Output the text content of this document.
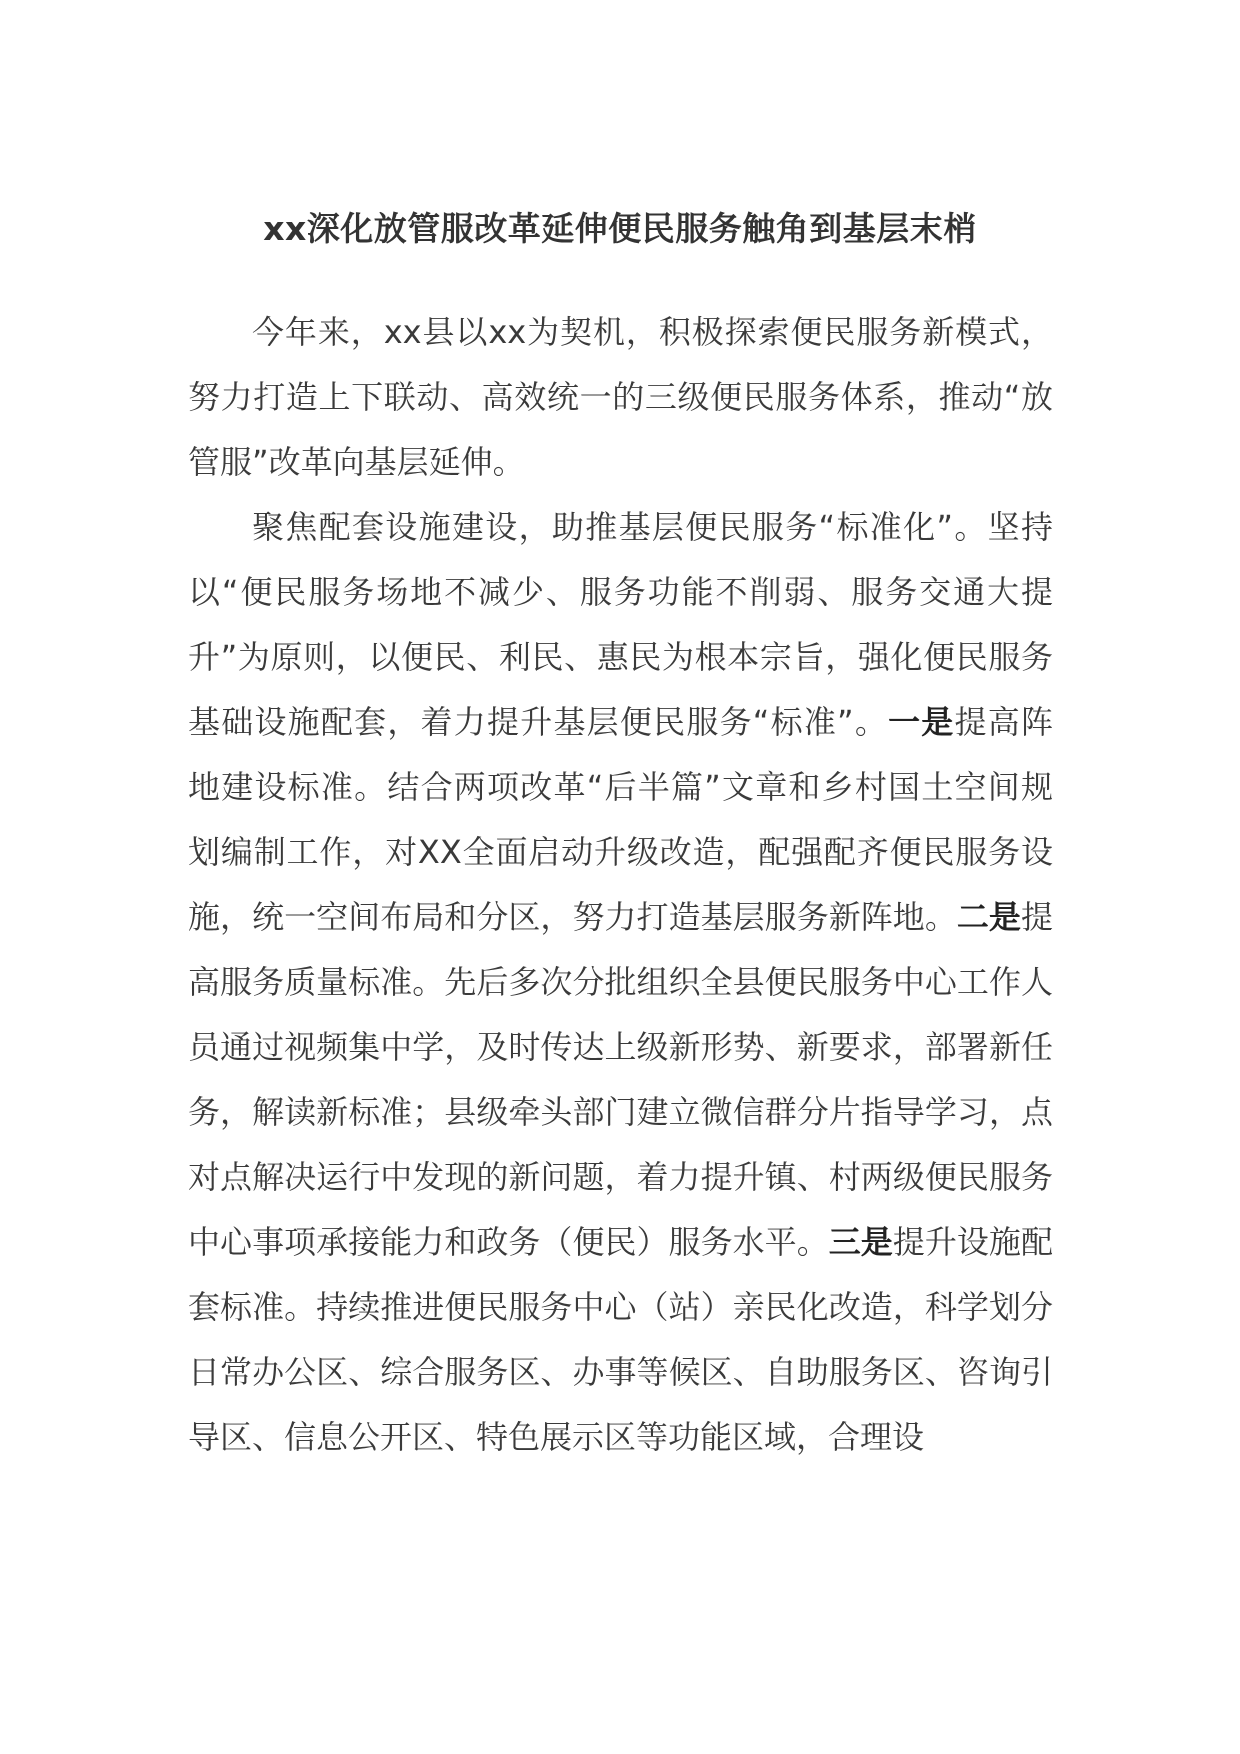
xx深化放管服改革延伸便民服务触角到基层末梢

今年来，xx县以xx为契机，积极探索便民服务新模式，努力打造上下联动、高效统一的三级便民服务体系，推动“放管服”改革向基层延伸。

聚焦配套设施建设，助推基层便民服务“标准化”。坚持以“便民服务场地不减少、服务功能不削弱、服务交通大提升”为原则，以便民、利民、惠民为根本宗旨，强化便民服务基础设施配套，着力提升基层便民服务“标准”。一是提高阵地建设标准。结合两项改革“后半篇”文章和乡村国土空间规划编制工作，对XX全面启动升级改造，配强配齐便民服务设施，统一空间布局和分区，努力打造基层服务新阵地。二是提高服务质量标准。先后多次分批组织全县便民服务中心工作人员通过视频集中学，及时传达上级新形势、新要求，部署新任务，解读新标准；县级牵头部门建立微信群分片指导学习，点对点解决运行中发现的新问题，着力提升镇、村两级便民服务中心事项承接能力和政务（便民）服务水平。三是提升设施配套标准。持续推进便民服务中心（站）亲民化改造，科学划分日常办公区、综合服务区、办事等候区、自助服务区、咨询引导区、信息公开区、特色展示区等功能区域，合理设
